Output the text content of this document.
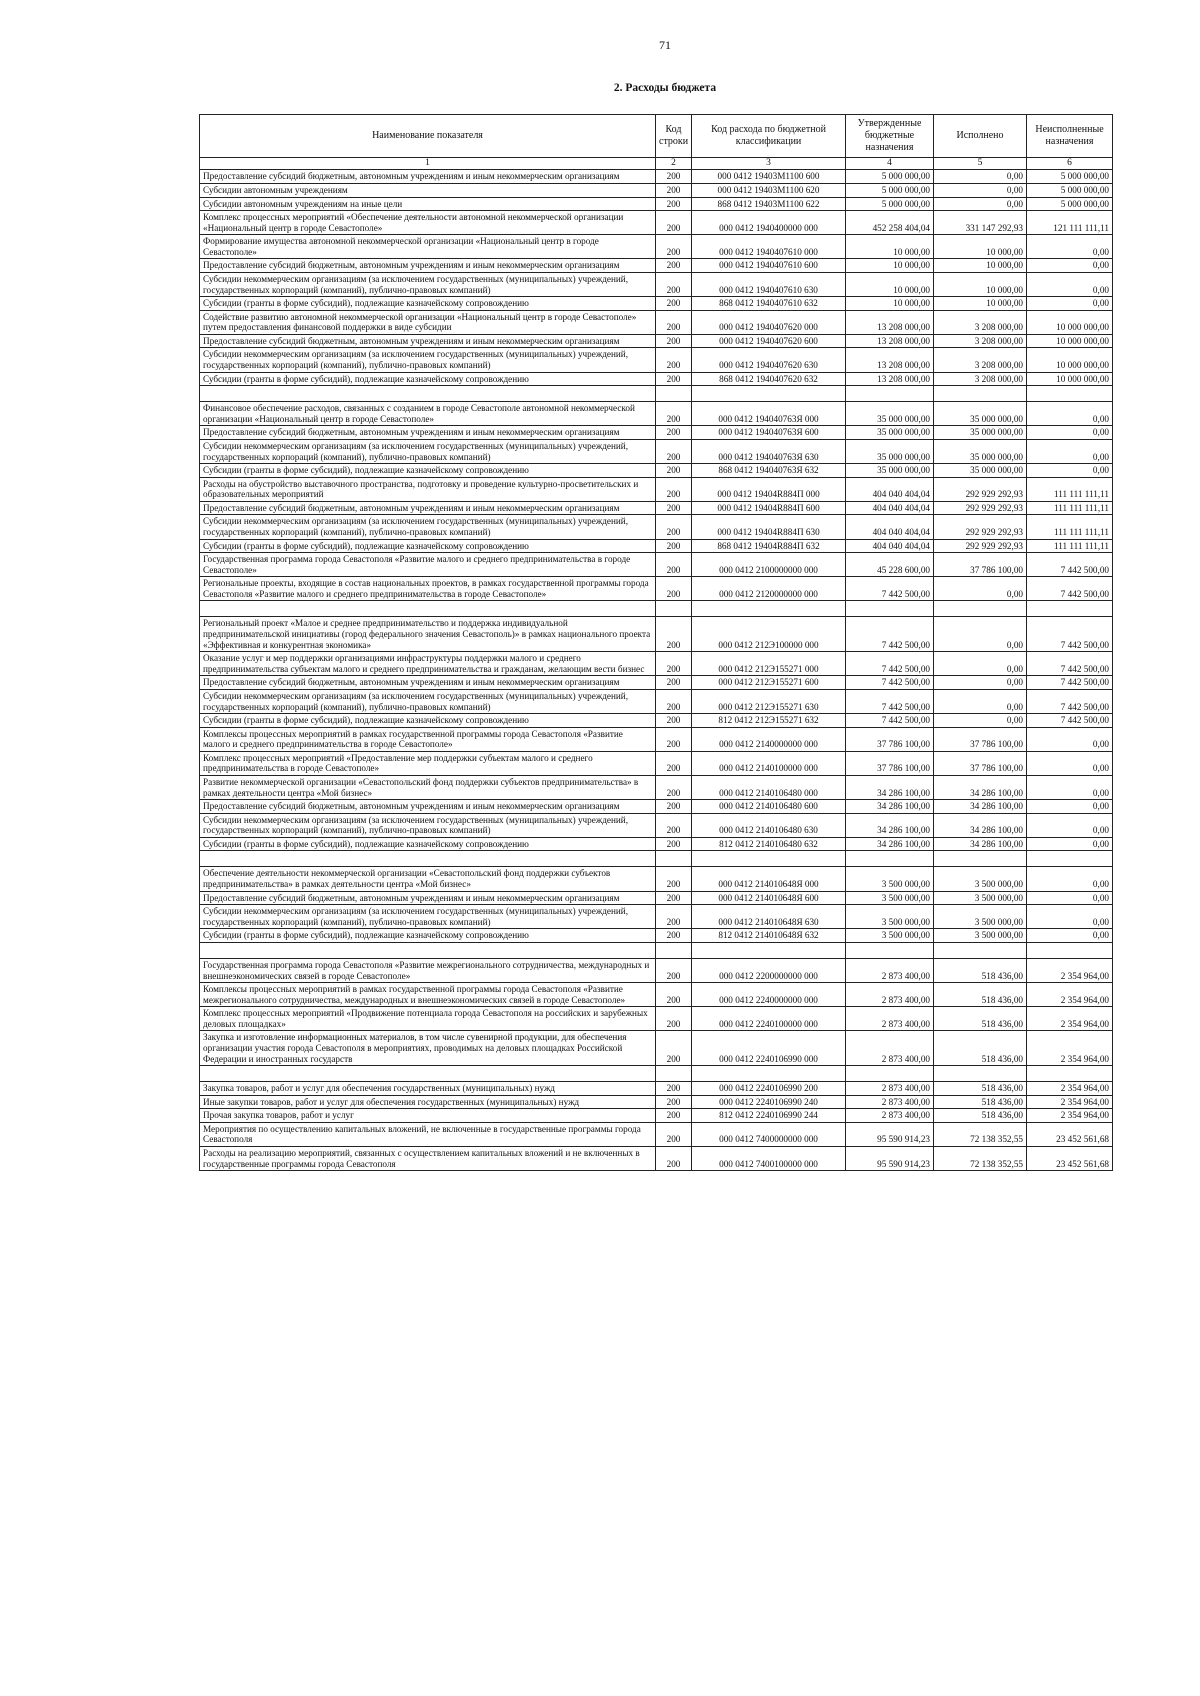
71
2. Расходы бюджета
Наименование показателя	Код строки	Код расхода по бюджетной классификации	Утвержденные бюджетные назначения	Исполнено	Неисполненные назначения
1	2	3	4	5	6
Предоставление субсидий бюджетным, автономным учреждениям и иным некоммерческим организациям	200	000 0412 19403М1100 600	5 000 000,00	0,00	5 000 000,00
Субсидии автономным учреждениям	200	000 0412 19403М1100 620	5 000 000,00	0,00	5 000 000,00
Субсидии автономным учреждениям на иные цели	200	868 0412 19403М1100 622	5 000 000,00	0,00	5 000 000,00
Комплекс процессных мероприятий «Обеспечение деятельности автономной некоммерческой организации «Национальный центр в городе Севастополе»	200	000 0412 1940400000 000	452 258 404,04	331 147 292,93	121 111 111,11
Формирование имущества автономной некоммерческой организации «Национальный центр в городе Севастополе»	200	000 0412 1940407610 000	10 000,00	10 000,00	0,00
Предоставление субсидий бюджетным, автономным учреждениям и иным некоммерческим организациям	200	000 0412 1940407610 600	10 000,00	10 000,00	0,00
Субсидии некоммерческим организациям (за исключением государственных (муниципальных) учреждений, государственных корпораций (компаний), публично-правовых компаний)	200	000 0412 1940407610 630	10 000,00	10 000,00	0,00
Субсидии (гранты в форме субсидий), подлежащие казначейскому сопровождению	200	868 0412 1940407610 632	10 000,00	10 000,00	0,00
Содействие развитию автономной некоммерческой организации «Национальный центр в городе Севастополе» путем предоставления финансовой поддержки в виде субсидии	200	000 0412 1940407620 000	13 208 000,00	3 208 000,00	10 000 000,00
Предоставление субсидий бюджетным, автономным учреждениям и иным некоммерческим организациям	200	000 0412 1940407620 600	13 208 000,00	3 208 000,00	10 000 000,00
Субсидии некоммерческим организациям (за исключением государственных (муниципальных) учреждений, государственных корпораций (компаний), публично-правовых компаний)	200	000 0412 1940407620 630	13 208 000,00	3 208 000,00	10 000 000,00
Субсидии (гранты в форме субсидий), подлежащие казначейскому сопровождению	200	868 0412 1940407620 632	13 208 000,00	3 208 000,00	10 000 000,00

Финансовое обеспечение расходов, связанных с созданием в городе Севастополе автономной некоммерческой организации «Национальный центр в городе Севастополе»	200	000 0412 194040763Я 000	35 000 000,00	35 000 000,00	0,00
Предоставление субсидий бюджетным, автономным учреждениям и иным некоммерческим организациям	200	000 0412 194040763Я 600	35 000 000,00	35 000 000,00	0,00
Субсидии некоммерческим организациям (за исключением государственных (муниципальных) учреждений, государственных корпораций (компаний), публично-правовых компаний)	200	000 0412 194040763Я 630	35 000 000,00	35 000 000,00	0,00
Субсидии (гранты в форме субсидий), подлежащие казначейскому сопровождению	200	868 0412 194040763Я 632	35 000 000,00	35 000 000,00	0,00
Расходы на обустройство выставочного пространства, подготовку и проведение культурно-просветительских и образовательных мероприятий	200	000 0412 19404R884П 000	404 040 404,04	292 929 292,93	111 111 111,11
Предоставление субсидий бюджетным, автономным учреждениям и иным некоммерческим организациям	200	000 0412 19404R884П 600	404 040 404,04	292 929 292,93	111 111 111,11
Субсидии некоммерческим организациям (за исключением государственных (муниципальных) учреждений, государственных корпораций (компаний), публично-правовых компаний)	200	000 0412 19404R884П 630	404 040 404,04	292 929 292,93	111 111 111,11
Субсидии (гранты в форме субсидий), подлежащие казначейскому сопровождению	200	868 0412 19404R884П 632	404 040 404,04	292 929 292,93	111 111 111,11
Государственная программа города Севастополя «Развитие малого и среднего предпринимательства в городе Севастополе»	200	000 0412 2100000000 000	45 228 600,00	37 786 100,00	7 442 500,00
Региональные проекты, входящие в состав национальных проектов, в рамках государственной программы города Севастополя «Развитие малого и среднего предпринимательства в городе Севастополе»	200	000 0412 2120000000 000	7 442 500,00	0,00	7 442 500,00

Региональный проект «Малое и среднее предпринимательство и поддержка индивидуальной предпринимательской инициативы (город федерального значения Севастополь)» в рамках национального проекта «Эффективная и конкурентная экономика»	200	000 0412 212Э100000 000	7 442 500,00	0,00	7 442 500,00
Оказание услуг и мер поддержки организациями инфраструктуры поддержки малого и среднего предпринимательства субъектам малого и среднего предпринимательства и гражданам, желающим вести бизнес	200	000 0412 212Э155271 000	7 442 500,00	0,00	7 442 500,00
Предоставление субсидий бюджетным, автономным учреждениям и иным некоммерческим организациям	200	000 0412 212Э155271 600	7 442 500,00	0,00	7 442 500,00
Субсидии некоммерческим организациям (за исключением государственных (муниципальных) учреждений, государственных корпораций (компаний), публично-правовых компаний)	200	000 0412 212Э155271 630	7 442 500,00	0,00	7 442 500,00
Субсидии (гранты в форме субсидий), подлежащие казначейскому сопровождению	200	812 0412 212Э155271 632	7 442 500,00	0,00	7 442 500,00
Комплексы процессных мероприятий в рамках государственной программы города Севастополя «Развитие малого и среднего предпринимательства в городе Севастополе»	200	000 0412 2140000000 000	37 786 100,00	37 786 100,00	0,00
Комплекс процессных мероприятий «Предоставление мер поддержки субъектам малого и среднего предпринимательства в городе Севастополе»	200	000 0412 2140100000 000	37 786 100,00	37 786 100,00	0,00
Развитие некоммерческой организации «Севастопольский фонд поддержки субъектов предпринимательства» в рамках деятельности центра «Мой бизнес»	200	000 0412 2140106480 000	34 286 100,00	34 286 100,00	0,00
Предоставление субсидий бюджетным, автономным учреждениям и иным некоммерческим организациям	200	000 0412 2140106480 600	34 286 100,00	34 286 100,00	0,00
Субсидии некоммерческим организациям (за исключением государственных (муниципальных) учреждений, государственных корпораций (компаний), публично-правовых компаний)	200	000 0412 2140106480 630	34 286 100,00	34 286 100,00	0,00
Субсидии (гранты в форме субсидий), подлежащие казначейскому сопровождению	200	812 0412 2140106480 632	34 286 100,00	34 286 100,00	0,00

Обеспечение деятельности некоммерческой организации «Севастопольский фонд поддержки субъектов предпринимательства» в рамках деятельности центра «Мой бизнес»	200	000 0412 214010648Я 000	3 500 000,00	3 500 000,00	0,00
Предоставление субсидий бюджетным, автономным учреждениям и иным некоммерческим организациям	200	000 0412 214010648Я 600	3 500 000,00	3 500 000,00	0,00
Субсидии некоммерческим организациям (за исключением государственных (муниципальных) учреждений, государственных корпораций (компаний), публично-правовых компаний)	200	000 0412 214010648Я 630	3 500 000,00	3 500 000,00	0,00
Субсидии (гранты в форме субсидий), подлежащие казначейскому сопровождению	200	812 0412 214010648Я 632	3 500 000,00	3 500 000,00	0,00

Государственная программа города Севастополя «Развитие межрегионального сотрудничества, международных и внешнеэкономических связей в городе Севастополе»	200	000 0412 2200000000 000	2 873 400,00	518 436,00	2 354 964,00
Комплексы процессных мероприятий в рамках государственной программы города Севастополя «Развитие межрегионального сотрудничества, международных и внешнеэкономических связей в городе Севастополе»	200	000 0412 2240000000 000	2 873 400,00	518 436,00	2 354 964,00
Комплекс процессных мероприятий «Продвижение потенциала города Севастополя на российских и зарубежных деловых площадках»	200	000 0412 2240100000 000	2 873 400,00	518 436,00	2 354 964,00
Закупка и изготовление информационных материалов, в том числе сувенирной продукции, для обеспечения организации участия города Севастополя в мероприятиях, проводимых на деловых площадках Российской Федерации и иностранных государств	200	000 0412 2240106990 000	2 873 400,00	518 436,00	2 354 964,00

Закупка товаров, работ и услуг для обеспечения государственных (муниципальных) нужд	200	000 0412 2240106990 200	2 873 400,00	518 436,00	2 354 964,00
Иные закупки товаров, работ и услуг для обеспечения государственных (муниципальных) нужд	200	000 0412 2240106990 240	2 873 400,00	518 436,00	2 354 964,00
Прочая закупка товаров, работ и услуг	200	812 0412 2240106990 244	2 873 400,00	518 436,00	2 354 964,00
Мероприятия по осуществлению капитальных вложений, не включенные в государственные программы города Севастополя	200	000 0412 7400000000 000	95 590 914,23	72 138 352,55	23 452 561,68
Расходы на реализацию мероприятий, связанных с осуществлением капитальных вложений и не включенных в государственные программы города Севастополя	200	000 0412 7400100000 000	95 590 914,23	72 138 352,55	23 452 561,68
